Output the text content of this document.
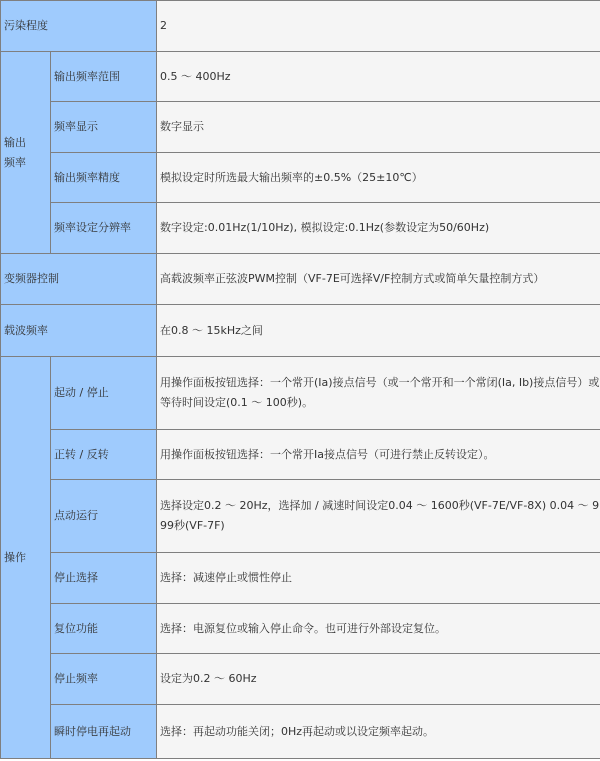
污染程度		2
输出
频率	输出频率范围	0.5 ～ 400Hz
	频率显示	数字显示
	输出频率精度	模拟设定时所选最大输出频率的±0.5%（25±10℃）
	频率设定分辨率	数字设定:0.01Hz(1/10Hz), 模拟设定:0.1Hz(参数设定为50/60Hz)
变频器控制		高载波频率正弦波PWM控制（VF-7E可选择V/F控制方式或简单矢量控制方式）
载波频率		在0.8 ～ 15kHz之间
操作	起动 / 停止	用操作面板按钮选择：一个常开(Ia)接点信号（或一个常开和一个常闭(Ia, Ib)接点信号）或等待时间设定(0.1 ～ 100秒)。
	正转 / 反转	用操作面板按钮选择：一个常开Ia接点信号（可进行禁止反转设定）。
	点动运行	选择设定0.2 ～ 20Hz，选择加 / 减速时间设定0.04 ～ 1600秒(VF-7E/VF-8X) 0.04 ～ 999秒(VF-7F)
	停止选择	选择：减速停止或惯性停止
	复位功能	选择：电源复位或输入停止命令。也可进行外部设定复位。
	停止频率	设定为0.2 ～ 60Hz
	瞬时停电再起动	选择：再起动功能关闭；0Hz再起动或以设定频率起动。
